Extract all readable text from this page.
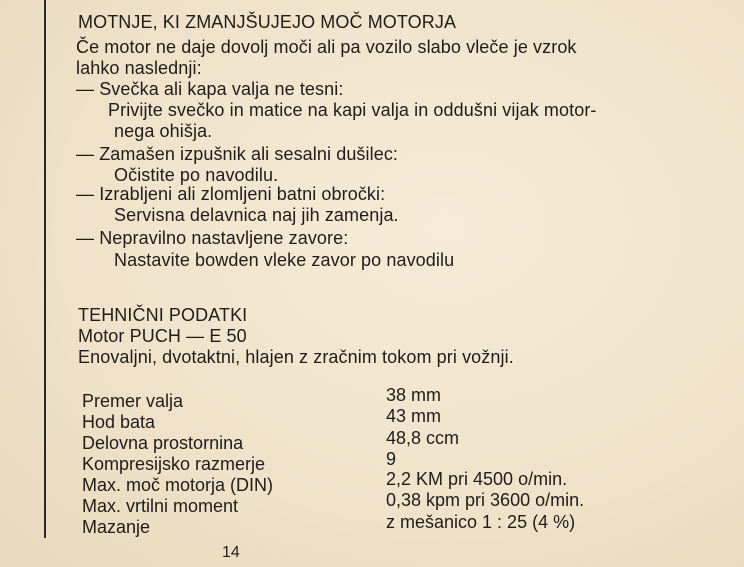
MOTNJE, KI ZMANJŠUJEJO MOČ MOTORJA
Če motor ne daje dovolj moči ali pa vozilo slabo vleče je vzrok
lahko naslednji:
— Svečka ali kapa valja ne tesni:
Privijte svečko in matice na kapi valja in oddušni vijak motor-
nega ohišja.
— Zamašen izpušnik ali sesalni dušilec:
Očistite po navodilu.
— Izrabljeni ali zlomljeni batni obročki:
Servisna delavnica naj jih zamenja.
— Nepravilno nastavljene zavore:
Nastavite bowden vleke zavor po navodilu
TEHNIČNI PODATKI
Motor PUCH — E 50
Enovaljni, dvotaktni, hlajen z zračnim tokom pri vožnji.
Premer valja	38 mm
Hod bata	43 mm
Delovna prostornina	48,8 ccm
Kompresijsko razmerje	9
Max. moč motorja (DIN)	2,2 KM pri 4500 o/min.
Max. vrtilni moment	0,38 kpm pri 3600 o/min.
Mazanje	z mešanico 1 : 25 (4 %)
14
